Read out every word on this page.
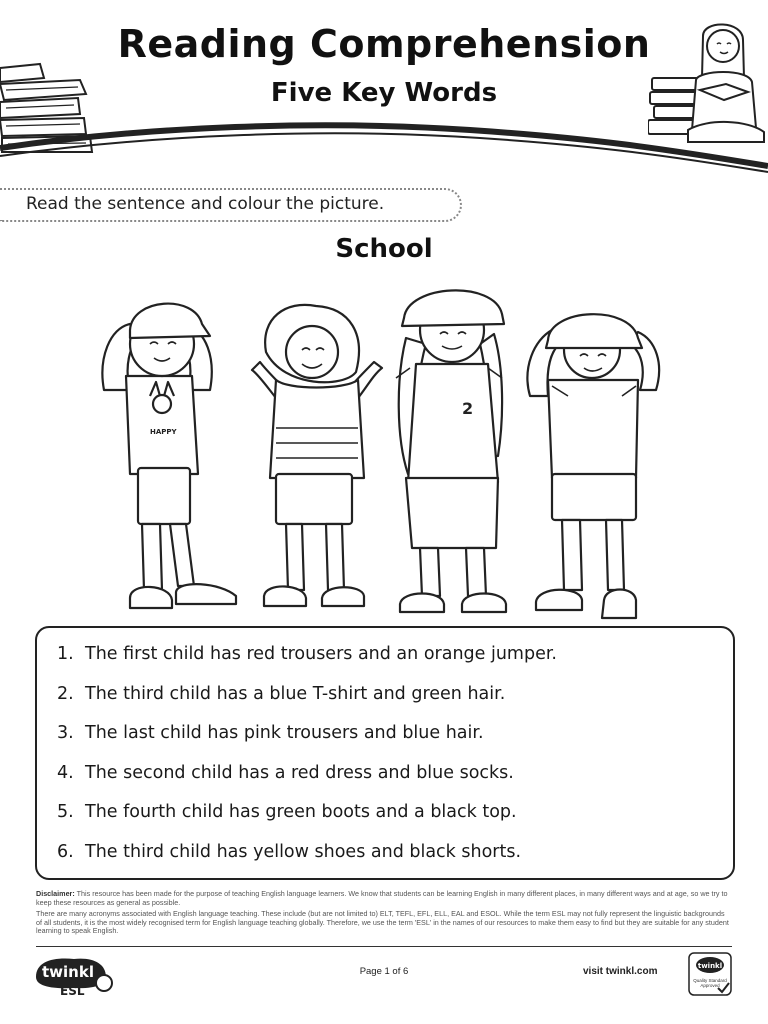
Reading Comprehension
Five Key Words
Read the sentence and colour the picture.
School
HAPPY
2
1. The first child has red trousers and an orange jumper.
2. The third child has a blue T-shirt and green hair.
3. The last child has pink trousers and blue hair.
4. The second child has a red dress and blue socks.
5. The fourth child has green boots and a black top.
6. The third child has yellow shoes and black shorts.

Disclaimer: This resource has been made for the purpose of teaching English language learners. We know that students can be learning English in many different places, in many different ways and at age, so we try to keep these resources as general as possible.

There are many acronyms associated with English language teaching. These include (but are not limited to) ELT, TEFL, EFL, ELL, EAL and ESOL. While the term ESL may not fully represent the linguistic backgrounds of all students, it is the most widely recognised term for English language teaching globally. Therefore, we use the term 'ESL' in the names of our resources to make them easy to find but they are suitable for any student learning to speak English.

twinkl
ESL
Page 1 of 6	visit twinkl.com	twinkl
Quality Standard Approved
